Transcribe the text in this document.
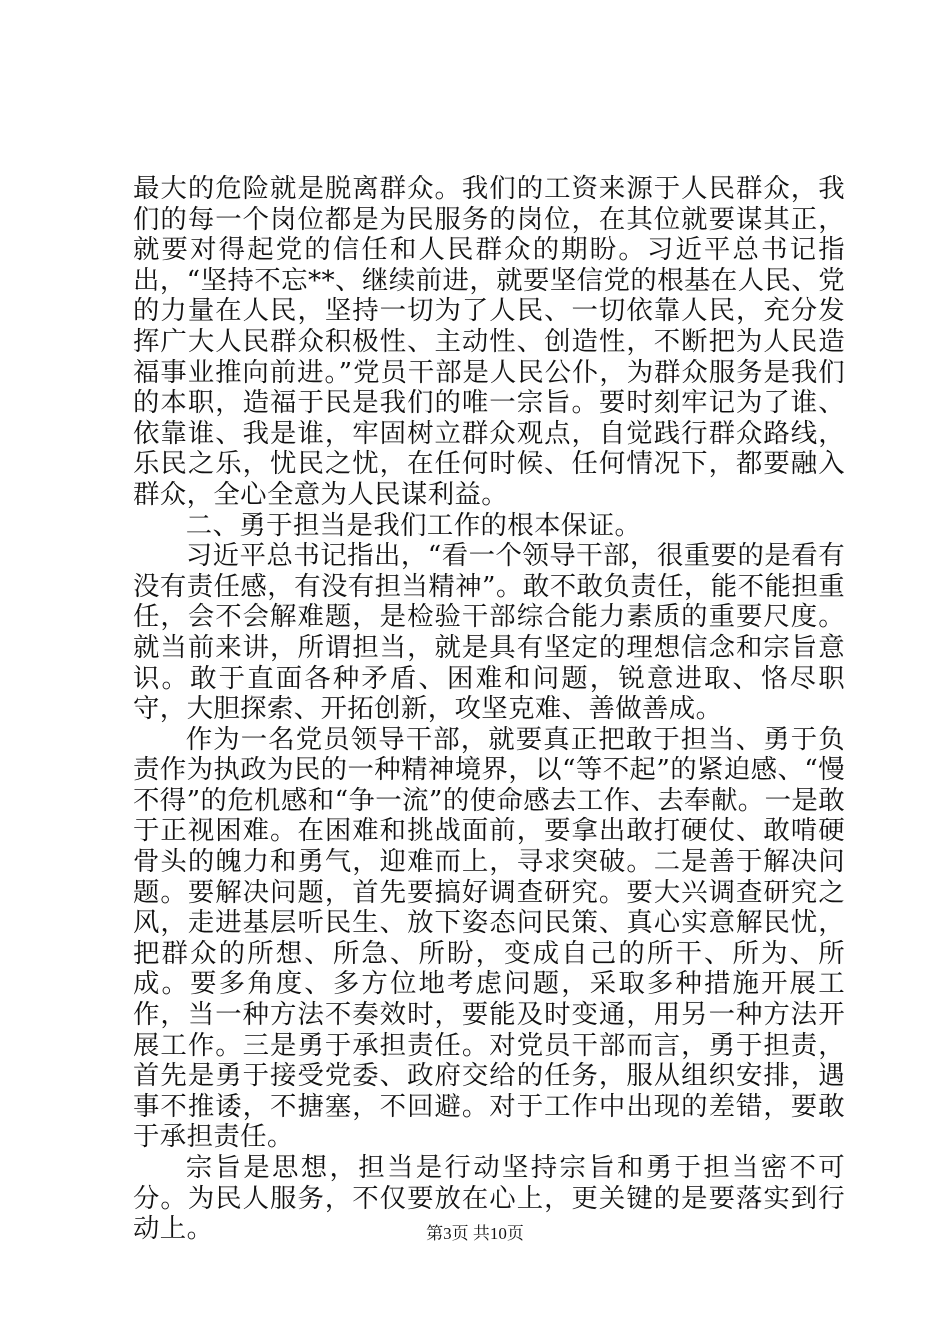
最大的危险就是脱离群众。我们的工资来源于人民群众，我们的每一个岗位都是为民服务的岗位，在其位就要谋其正，就要对得起党的信任和人民群众的期盼。习近平总书记指出，“坚持不忘**、继续前进，就要坚信党的根基在人民、党的力量在人民，坚持一切为了人民、一切依靠人民，充分发挥广大人民群众积极性、主动性、创造性，不断把为人民造福事业推向前进。”党员干部是人民公仆，为群众服务是我们的本职，造福于民是我们的唯一宗旨。要时刻牢记为了谁、依靠谁、我是谁，牢固树立群众观点，自觉践行群众路线，乐民之乐，忧民之忧，在任何时候、任何情况下，都要融入群众，全心全意为人民谋利益。

二、勇于担当是我们工作的根本保证。

习近平总书记指出，“看一个领导干部，很重要的是看有没有责任感，有没有担当精神”。敢不敢负责任，能不能担重任，会不会解难题，是检验干部综合能力素质的重要尺度。就当前来讲，所谓担当，就是具有坚定的理想信念和宗旨意识。敢于直面各种矛盾、困难和问题，锐意进取、恪尽职守，大胆探索、开拓创新，攻坚克难、善做善成。

作为一名党员领导干部，就要真正把敢于担当、勇于负责作为执政为民的一种精神境界，以“等不起”的紧迫感、“慢不得”的危机感和“争一流”的使命感去工作、去奉献。一是敢于正视困难。在困难和挑战面前，要拿出敢打硬仗、敢啃硬骨头的魄力和勇气，迎难而上，寻求突破。二是善于解决问题。要解决问题，首先要搞好调查研究。要大兴调查研究之风，走进基层听民生、放下姿态问民策、真心实意解民忧，把群众的所想、所急、所盼，变成自己的所干、所为、所成。要多角度、多方位地考虑问题，采取多种措施开展工作，当一种方法不奏效时，要能及时变通，用另一种方法开展工作。三是勇于承担责任。对党员干部而言，勇于担责，首先是勇于接受党委、政府交给的任务，服从组织安排，遇事不推诿，不搪塞，不回避。对于工作中出现的差错，要敢于承担责任。

宗旨是思想，担当是行动坚持宗旨和勇于担当密不可分。为民人服务，不仅要放在心上，更关键的是要落实到行动上。	第3页 共10页
